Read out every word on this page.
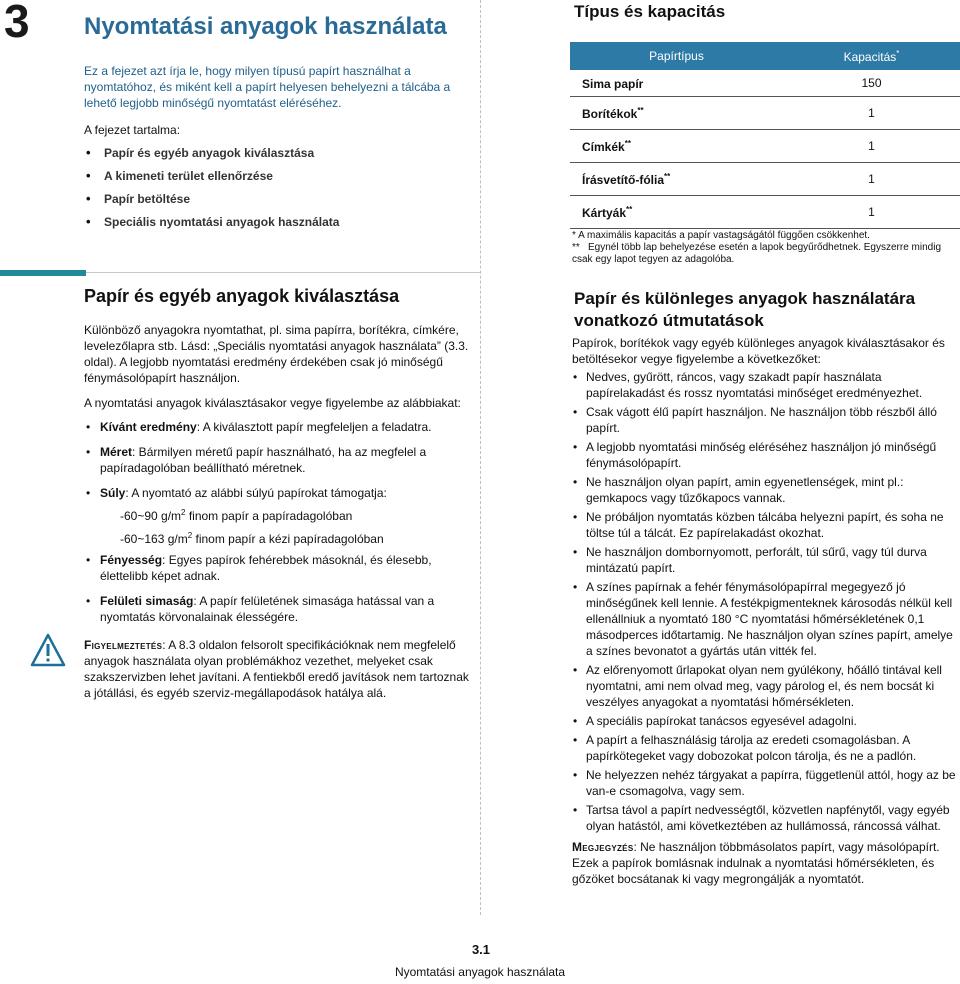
3 Nyomtatási anyagok használata
Ez a fejezet azt írja le, hogy milyen típusú papírt használhat a nyomtatóhoz, és miként kell a papírt helyesen behelyezni a tálcába a lehető legjobb minőségű nyomtatást eléréséhez.
A fejezet tartalma:
• Papír és egyéb anyagok kiválasztása
• A kimeneti terület ellenőrzése
• Papír betöltése
• Speciális nyomtatási anyagok használata
Papír és egyéb anyagok kiválasztása
Különböző anyagokra nyomtathat, pl. sima papírra, borítékra, címkére, levelezőlapra stb. Lásd: „Speciális nyomtatási anyagok használata” (3.3. oldal). A legjobb nyomtatási eredmény érdekében csak jó minőségű fénymásolópapírt használjon.
A nyomtatási anyagok kiválasztásakor vegye figyelembe az alábbiakat:
• Kívánt eredmény: A kiválasztott papír megfeleljen a feladatra.
• Méret: Bármilyen méretű papír használható, ha az megfelel a papíradagolóban beállítható méretnek.
• Súly: A nyomtató az alábbi súlyú papírokat támogatja:
-60~90 $g/m^2$ finom papír a papíradagolóban
-60~163 $g/m^2$ finom papír a kézi papíradagolóban
• Fényesség: Egyes papírok fehérebbek másoknál, és élesebb, élettelibb képet adnak.
• Felületi simaság: A papír felületének simasága hatással van a nyomtatás körvonalainak élességére.
Figyelmeztetés: A 8.3 oldalon felsorolt specifikációknak nem megfelelő anyagok használata olyan problémákhoz vezethet, melyeket csak szakszervizben lehet javítani. A fentiekből eredő javítások nem tartoznak a jótállási, és egyéb szerviz-megállapodások hatálya alá.
Típus és kapacitás
Papírtípus	Kapacitás*
Sima papír	150
Borítékok**	1
Címkék**	1
Írásvetítő-fólia**	1
Kártyák**	1
* A maximális kapacitás a papír vastagságától függően csökkenhet.
** Egynél több lap behelyezése esetén a lapok begyűrődhetnek. Egyszerre mindig csak egy lapot tegyen az adagolóba.
Papír és különleges anyagok használatára vonatkozó útmutatások
Papírok, borítékok vagy egyéb különleges anyagok kiválasztásakor és betöltésekor vegye figyelembe a következőket:
• Nedves, gyűrött, ráncos, vagy szakadt papír használata papírelakadást és rossz nyomtatási minőséget eredményezhet.
• Csak vágott élű papírt használjon. Ne használjon több részből álló papírt.
• A legjobb nyomtatási minőség eléréséhez használjon jó minőségű fénymásolópapírt.
• Ne használjon olyan papírt, amin egyenetlenségek, mint pl.: gemkapocs vagy tűzőkapocs vannak.
• Ne próbáljon nyomtatás közben tálcába helyezni papírt, és soha ne töltse túl a tálcát. Ez papírelakadást okozhat.
• Ne használjon dombornyomott, perforált, túl sűrű, vagy túl durva mintázatú papírt.
• A színes papírnak a fehér fénymásolópapírral megegyező jó minőségűnek kell lennie. A festékpigmenteknek károsodás nélkül kell ellenállniuk a nyomtató 180 °C nyomtatási hőmérsékletének 0,1 másodperces időtartamig. Ne használjon olyan színes papírt, amelye a színes bevonatot a gyártás után vitték fel.
• Az előrenyomott űrlapokat olyan nem gyúlékony, hőálló tintával kell nyomtatni, ami nem olvad meg, vagy párolog el, és nem bocsát ki veszélyes anyagokat a nyomtatási hőmérsékleten.
• A speciális papírokat tanácsos egyesével adagolni.
• A papírt a felhasználásig tárolja az eredeti csomagolásban. A papírkötegeket vagy dobozokat polcon tárolja, és ne a padlón.
• Ne helyezzen nehéz tárgyakat a papírra, függetlenül attól, hogy az be van-e csomagolva, vagy sem.
• Tartsa távol a papírt nedvességtől, közvetlen napfénytől, vagy egyéb olyan hatástól, ami következtében az hullámossá, ráncossá válhat.
Megjegyzés: Ne használjon többmásolatos papírt, vagy másolópapírt. Ezek a papírok bomlásnak indulnak a nyomtatási hőmérsékleten, és gőzöket bocsátanak ki vagy megrongálják a nyomtatót.
3.1
Nyomtatási anyagok használata
